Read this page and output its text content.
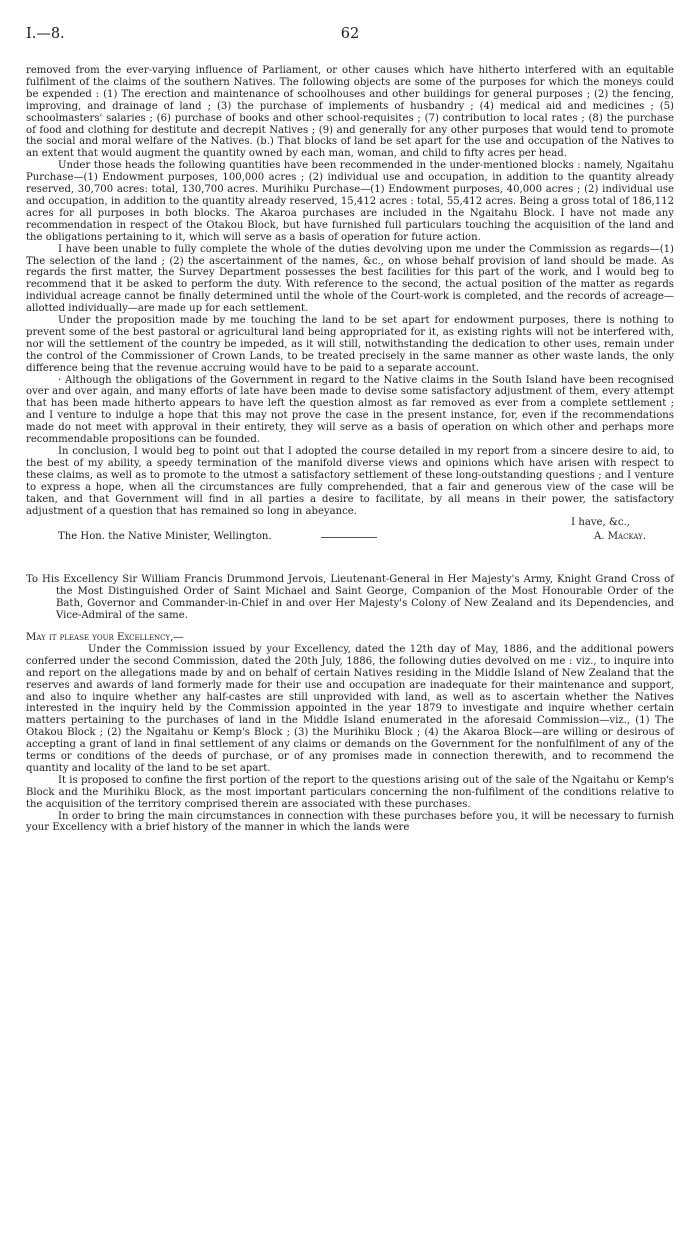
I.—8.	62

removed from the ever-varying influence of Parliament, or other causes which have hitherto interfered with an equitable fulfilment of the claims of the southern Natives. The following objects are some of the purposes for which the moneys could be expended : (1) The erection and maintenance of schoolhouses and other buildings for general purposes ; (2) the fencing, improving, and drainage of land ; (3) the purchase of implements of husbandry ; (4) medical aid and medicines ; (5) schoolmasters' salaries ; (6) purchase of books and other school-requisites ; (7) contribution to local rates ; (8) the purchase of food and clothing for destitute and decrepit Natives ; (9) and generally for any other purposes that would tend to promote the social and moral welfare of the Natives. (b.) That blocks of land be set apart for the use and occupation of the Natives to an extent that would augment the quantity owned by each man, woman, and child to fifty acres per head.

Under those heads the following quantities have been recommended in the under-mentioned blocks : namely, Ngaitahu Purchase—(1) Endowment purposes, 100,000 acres ; (2) individual use and occupation, in addition to the quantity already reserved, 30,700 acres: total, 130,700 acres. Murihiku Purchase—(1) Endowment purposes, 40,000 acres ; (2) individual use and occupation, in addition to the quantity already reserved, 15,412 acres : total, 55,412 acres. Being a gross total of 186,112 acres for all purposes in both blocks. The Akaroa purchases are included in the Ngaitahu Block. I have not made any recommendation in respect of the Otakou Block, but have furnished full particulars touching the acquisition of the land and the obligations pertaining to it, which will serve as a basis of operation for future action.

I have been unable to fully complete the whole of the duties devolving upon me under the Commission as regards—(1) The selection of the land ; (2) the ascertainment of the names, &c., on whose behalf provision of land should be made. As regards the first matter, the Survey Department possesses the best facilities for this part of the work, and I would beg to recommend that it be asked to perform the duty. With reference to the second, the actual position of the matter as regards individual acreage cannot be finally determined until the whole of the Court-work is completed, and the records of acreage—allotted individually—are made up for each settlement.

Under the proposition made by me touching the land to be set apart for endowment purposes, there is nothing to prevent some of the best pastoral or agricultural land being appropriated for it, as existing rights will not be interfered with, nor will the settlement of the country be impeded, as it will still, notwithstanding the dedication to other uses, remain under the control of the Commissioner of Crown Lands, to be treated precisely in the same manner as other waste lands, the only difference being that the revenue accruing would have to be paid to a separate account.

· Although the obligations of the Government in regard to the Native claims in the South Island have been recognised over and over again, and many efforts of late have been made to devise some satisfactory adjustment of them, every attempt that has been made hitherto appears to have left the question almost as far removed as ever from a complete settlement ; and I venture to indulge a hope that this may not prove the case in the present instance, for, even if the recommendations made do not meet with approval in their entirety, they will serve as a basis of operation on which other and perhaps more recommendable propositions can be founded.

In conclusion, I would beg to point out that I adopted the course detailed in my report from a sincere desire to aid, to the best of my ability, a speedy termination of the manifold diverse views and opinions which have arisen with respect to these claims, as well as to promote to the utmost a satisfactory settlement of these long-outstanding questions ; and I venture to express a hope, when all the circumstances are fully comprehended, that a fair and generous view of the case will be taken, and that Government will find in all parties a desire to facilitate, by all means in their power, the satisfactory adjustment of a question that has remained so long in abeyance.

I have, &c.,

The Hon. the Native Minister, Wellington.	A. Mackay.

To His Excellency Sir William Francis Drummond Jervois, Lieutenant-General in Her Majesty's Army, Knight Grand Cross of the Most Distinguished Order of Saint Michael and Saint George, Companion of the Most Honourable Order of the Bath, Governor and Commander-in-Chief in and over Her Majesty's Colony of New Zealand and its Dependencies, and Vice-Admiral of the same.

May it please your Excellency,—

Under the Commission issued by your Excellency, dated the 12th day of May, 1886, and the additional powers conferred under the second Commission, dated the 20th July, 1886, the following duties devolved on me : viz., to inquire into and report on the allegations made by and on behalf of certain Natives residing in the Middle Island of New Zealand that the reserves and awards of land formerly made for their use and occupation are inadequate for their maintenance and support, and also to inquire whether any half-castes are still unprovided with land, as well as to ascertain whether the Natives interested in the inquiry held by the Commission appointed in the year 1879 to investigate and inquire whether certain matters pertaining to the purchases of land in the Middle Island enumerated in the aforesaid Commission—viz., (1) The Otakou Block ; (2) the Ngaitahu or Kemp's Block ; (3) the Murihiku Block ; (4) the Akaroa Block—are willing or desirous of accepting a grant of land in final settlement of any claims or demands on the Government for the nonfulfilment of any of the terms or conditions of the deeds of purchase, or of any promises made in connection therewith, and to recommend the quantity and locality of the land to be set apart.

It is proposed to confine the first portion of the report to the questions arising out of the sale of the Ngaitahu or Kemp's Block and the Murihiku Block, as the most important particulars concerning the non-fulfilment of the conditions relative to the acquisition of the territory comprised therein are associated with these purchases.

In order to bring the main circumstances in connection with these purchases before you, it will be necessary to furnish your Excellency with a brief history of the manner in which the lands were
